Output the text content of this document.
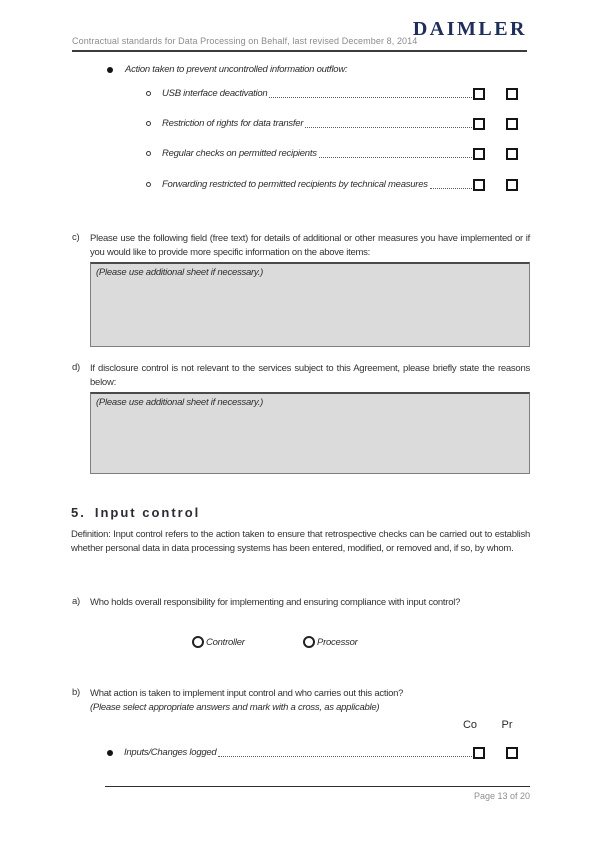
Contractual standards for Data Processing on Behalf, last revised December 8, 2014
DAIMLER
Action taken to prevent uncontrolled information outflow:
USB interface deactivation
Restriction of rights for data transfer
Regular checks on permitted recipients
Forwarding restricted to permitted recipients by technical measures
c) Please use the following field (free text) for details of additional or other measures you have implemented or if you would like to provide more specific information on the above items:
(Please use additional sheet if necessary.)
d) If disclosure control is not relevant to the services subject to this Agreement, please briefly state the reasons below:
(Please use additional sheet if necessary.)
5. Input control
Definition: Input control refers to the action taken to ensure that retrospective checks can be carried out to establish whether personal data in data processing systems has been entered, modified, or removed and, if so, by whom.
a) Who holds overall responsibility for implementing and ensuring compliance with input control?
Controller	Processor
b) What action is taken to implement input control and who carries out this action?
(Please select appropriate answers and mark with a cross, as applicable)
Co	Pr
Inputs/Changes logged
Page 13 of 20
